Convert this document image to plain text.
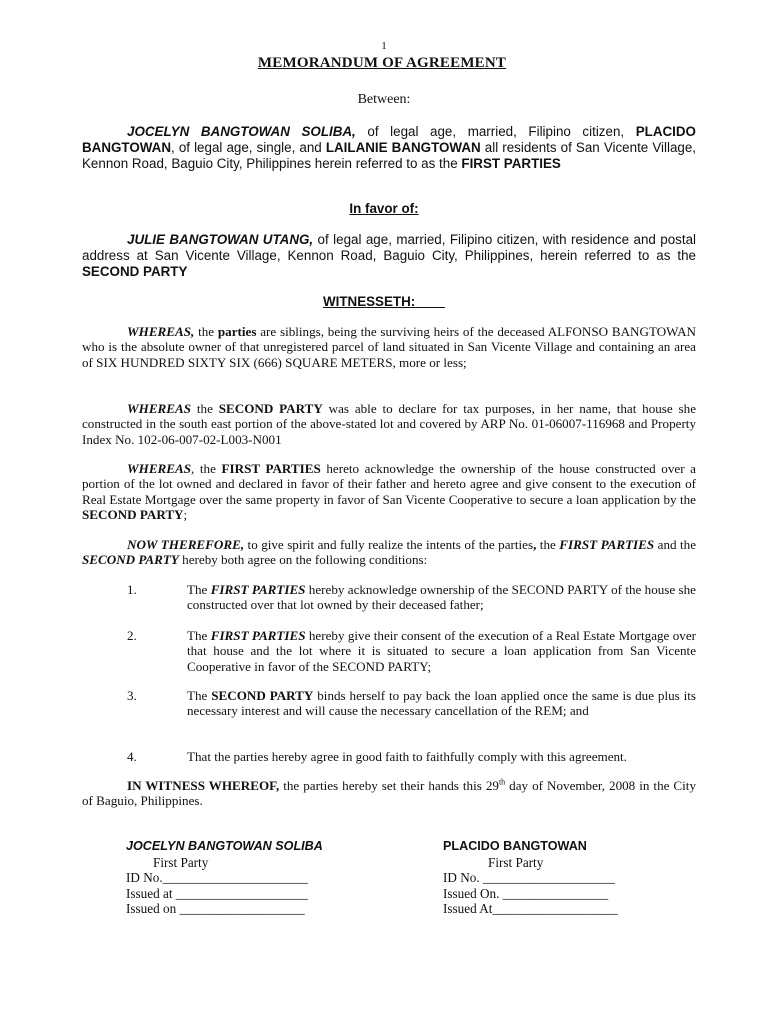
1
MEMORANDUM OF AGREEMENT
Between:
JOCELYN BANGTOWAN SOLIBA, of legal age, married, Filipino citizen, PLACIDO BANGTOWAN, of legal age, single, and LAILANIE BANGTOWAN all residents of San Vicente Village, Kennon Road, Baguio City, Philippines herein referred to as the FIRST PARTIES
In favor of:
JULIE BANGTOWAN UTANG, of legal age, married, Filipino citizen, with residence and postal address at San Vicente Village, Kennon Road, Baguio City, Philippines, herein referred to as the SECOND PARTY
WITNESSETH:
WHEREAS, the parties are siblings, being the surviving heirs of the deceased ALFONSO BANGTOWAN who is the absolute owner of that unregistered parcel of land situated in San Vicente Village and containing an area of SIX HUNDRED SIXTY SIX (666) SQUARE METERS, more or less;
WHEREAS the SECOND PARTY was able to declare for tax purposes, in her name, that house she constructed in the south east portion of the above-stated lot and covered by ARP No. 01-06007-116968 and Property Index No. 102-06-007-02-L003-N001
WHEREAS, the FIRST PARTIES hereto acknowledge the ownership of the house constructed over a portion of the lot owned and declared in favor of their father and hereto agree and give consent to the execution of Real Estate Mortgage over the same property in favor of San Vicente Cooperative to secure a loan application by the SECOND PARTY;
NOW THEREFORE, to give spirit and fully realize the intents of the parties, the FIRST PARTIES and the SECOND PARTY hereby both agree on the following conditions:
1.	The FIRST PARTIES hereby acknowledge ownership of the SECOND PARTY of the house she constructed over that lot owned by their deceased father;
2.	The FIRST PARTIES hereby give their consent of the execution of a Real Estate Mortgage over that house and the lot where it is situated to secure a loan application from San Vicente Cooperative in favor of the SECOND PARTY;
3.	The SECOND PARTY binds herself to pay back the loan applied once the same is due plus its necessary interest and will cause the necessary cancellation of the REM; and
4.	That the parties hereby agree in good faith to faithfully comply with this agreement.
IN WITNESS WHEREOF, the parties hereby set their hands this 29th day of November, 2008 in the City of Baguio, Philippines.
JOCELYN BANGTOWAN SOLIBA
First Party
ID No.______________________
Issued at ____________________
Issued on ___________________
PLACIDO BANGTOWAN
First Party
ID No. ____________________
Issued On. ________________
Issued At___________________
